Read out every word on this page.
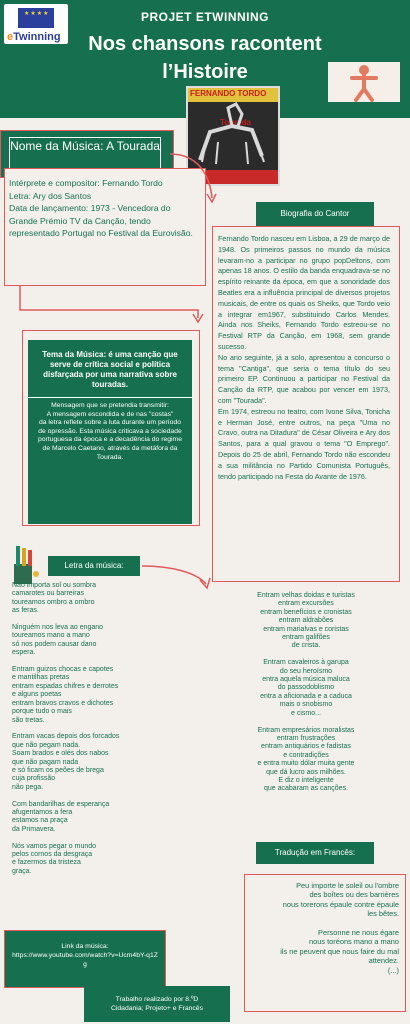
★★★★
eTwinning
PROJET ETWINNING
Nos chansons racontent l’Histoire
FERNANDO TORDO
Tourada
Nome da Música: A Tourada
Intérprete e compositor: Fernando Tordo
Letra: Ary dos Santos
Data de lançamento: 1973 - Vencedora do Grande Prémio TV da Canção, tendo representado Portugal no Festival da Eurovisão.
Biografia do Cantor
Fernando Tordo nasceu em Lisboa, a 29 de março de 1948. Os primeiros passos no mundo da música levaram-no a participar no grupo popDeltons, com apenas 18 anos. O estilo da banda enquadrava-se no espírito reinante da época, em que a sonoridade dos Beatles era a influência principal de diversos projetos musicais, de entre os quais os Sheiks, que Tordo veio a integrar em1967, substituindo Carlos Mendes. Ainda nos Sheiks, Fernando Tordo estreou-se no Festival RTP da Canção, em 1968, sem grande sucesso.
No ano seguinte, já a solo, apresentou a concurso o tema "Cantiga", que seria o tema título do seu primeiro EP. Continuou a participar no Festival da Canção da RTP, que acabou por vencer em 1973, com "Tourada".
Em 1974, estreou no teatro, com Ivone Silva, Tonicha e Herman José, entre outros, na peça "Uma no Cravo, outra na Ditadura" de César Oliveira e Ary dos Santos, para a qual gravou o tema "O Emprego". Depois do 25 de abril, Fernando Tordo não escondeu a sua militância no Partido Comunista Português, tendo participado na Festa do Avante de 1976.
Tema da Música: é uma canção que serve de crítica social e política disfarçada por uma narrativa sobre touradas.
Mensagem que se pretendia transmitir:
A mensagem escondida e de nas "costas"
da letra reflete sobre a luta durante um período de opressão. Esta música criticava a sociedade portuguesa da época e a decadência do regime de Marcelo Caetano, através da metáfora da Tourada.
Letra da música:
Não importa sol ou sombra
camarotes ou barreiras
toureamos ombro a ombro
as feras.

Ninguém nos leva ao engano
toureamos mano a mano
só nos podem causar dano
espera.

Entram guizos chocas e capotes
e mantilhas pretas
entram espadas chifres e derrotes
e alguns poetas
entram bravos cravos e dichotes
porque tudo o mais
são tretas.

Entram vacas depois dos forcados
que não pegam nada.
Soam brados e olés dos nabos
que não pagam nada
e só ficam os peões de brega
cuja profissão
não pega.

Com bandarilhas de esperança
afugentamos a fera
estamos na praça
da Primavera.

Nós vamos pegar o mundo
pelos cornos da desgraça
e fazermos da tristeza
graça.
Entram velhas doidas e turistas
entram excursões
entram benefícios e cronistas
entram aldrabões
entram marialvas e coristas
entram galifões
de crista.

Entram cavaleiros à garupa
do seu heroísmo
entra aquela música maluca
do passodoblismo
entra a aficionada e a caduca
mais o snobismo
e cismo...

Entram empresários moralistas
entram frustrações
entram antiquários e fadistas
e contradições
e entra muito dólar muita gente
que dá lucro aos milhões.
E diz o inteligente
que acabaram as canções.
Tradução em Francês:
Peu importe le soleil ou l'ombre
des boîtes ou des barrières
nous torerons épaule contre épaule
les bêtes.

Personne ne nous égare
nous toréons mano a mano
ils ne peuvent que nous faire du mal
attendez.
(...)
Link da música:
https://www.youtube.com/watch?v=Ucm4bY-q1Zg
Trabalho realizado por 8.ºD
Cidadania; Projeto+ e Francês
